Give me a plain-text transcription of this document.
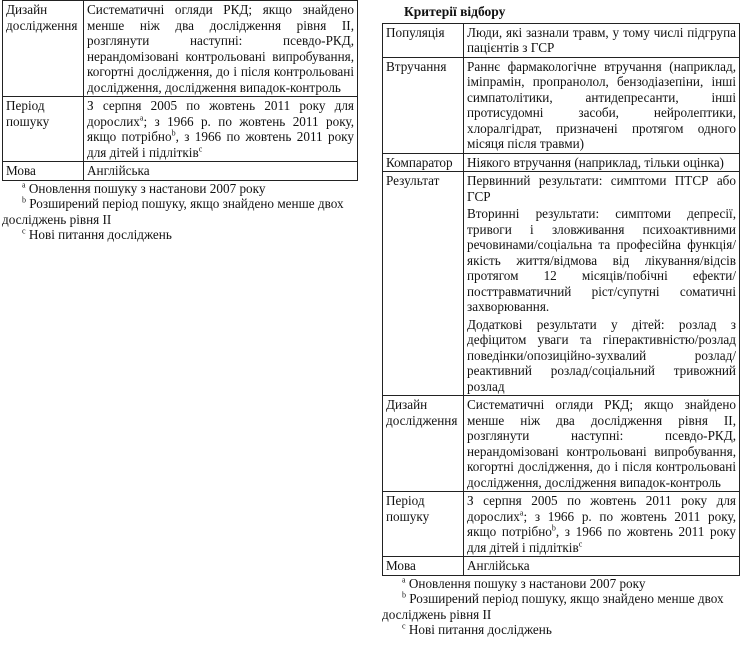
Дизайн дослідження	Систематичні огляди РКД; якщо знайдено менше ніж два дослідження рівня ІІ, розглянути наступні: псевдо-РКД, нерандомізовані контрольовані випробування, когортні дослідження, до і після контрольовані дослідження, дослідження випадок-контроль
Період пошуку	З серпня 2005 по жовтень 2011 року для дорослих$^a$; з 1966 р. по жовтень 2011 року, якщо потрібно$^b$, з 1966 по жовтень 2011 року для дітей і підлітків$^c$
Мова	Англійська

$^a$ Оновлення пошуку з настанови 2007 року

$^b$ Розширений період пошуку, якщо знайдено менше двох досліджень рівня ІІ

$^c$ Нові питання досліджень

Критерії відбору
Популяція	Люди, які зазнали травм, у тому числі підгрупа пацієнтів з ГСР
Втручання	Раннє фармакологічне втручання (наприклад, іміпрамін, пропранолол, бензодіазепіни, інші симпатолітики, антидепресанти, інші протисудомні засоби, нейролептики, хлоралгідрат, призначені протягом одного місяця після травми)
Компаратор	Ніякого втручання (наприклад, тільки оцінка)
Результат	Первинний результати: симптоми ПТСР або ГСР

Вторинні результати: симптоми депресії, тривоги і зловживання психоактивними речовинами/соціальна та професійна функція/якість життя/відмова від лікування/відсів протягом 12 місяців/побічні ефекти/посттравматичний ріст/супутні соматичні захворювання.

Додаткові результати у дітей: розлад з дефіцитом уваги та гіперактивністю/розлад поведінки/опозиційно-зухвалий розлад/реактивний розлад/соціальний тривожний розлад

Дизайн дослідження	Систематичні огляди РКД; якщо знайдено менше ніж два дослідження рівня ІІ, розглянути наступні: псевдо-РКД, нерандомізовані контрольовані випробування, когортні дослідження, до і після контрольовані дослідження, дослідження випадок-контроль
Період пошуку	З серпня 2005 по жовтень 2011 року для дорослих$^a$; з 1966 р. по жовтень 2011 року, якщо потрібно$^b$, з 1966 по жовтень 2011 року для дітей і підлітків$^c$
Мова	Англійська

$^a$ Оновлення пошуку з настанови 2007 року

$^b$ Розширений період пошуку, якщо знайдено менше двох досліджень рівня ІІ

$^c$ Нові питання досліджень
